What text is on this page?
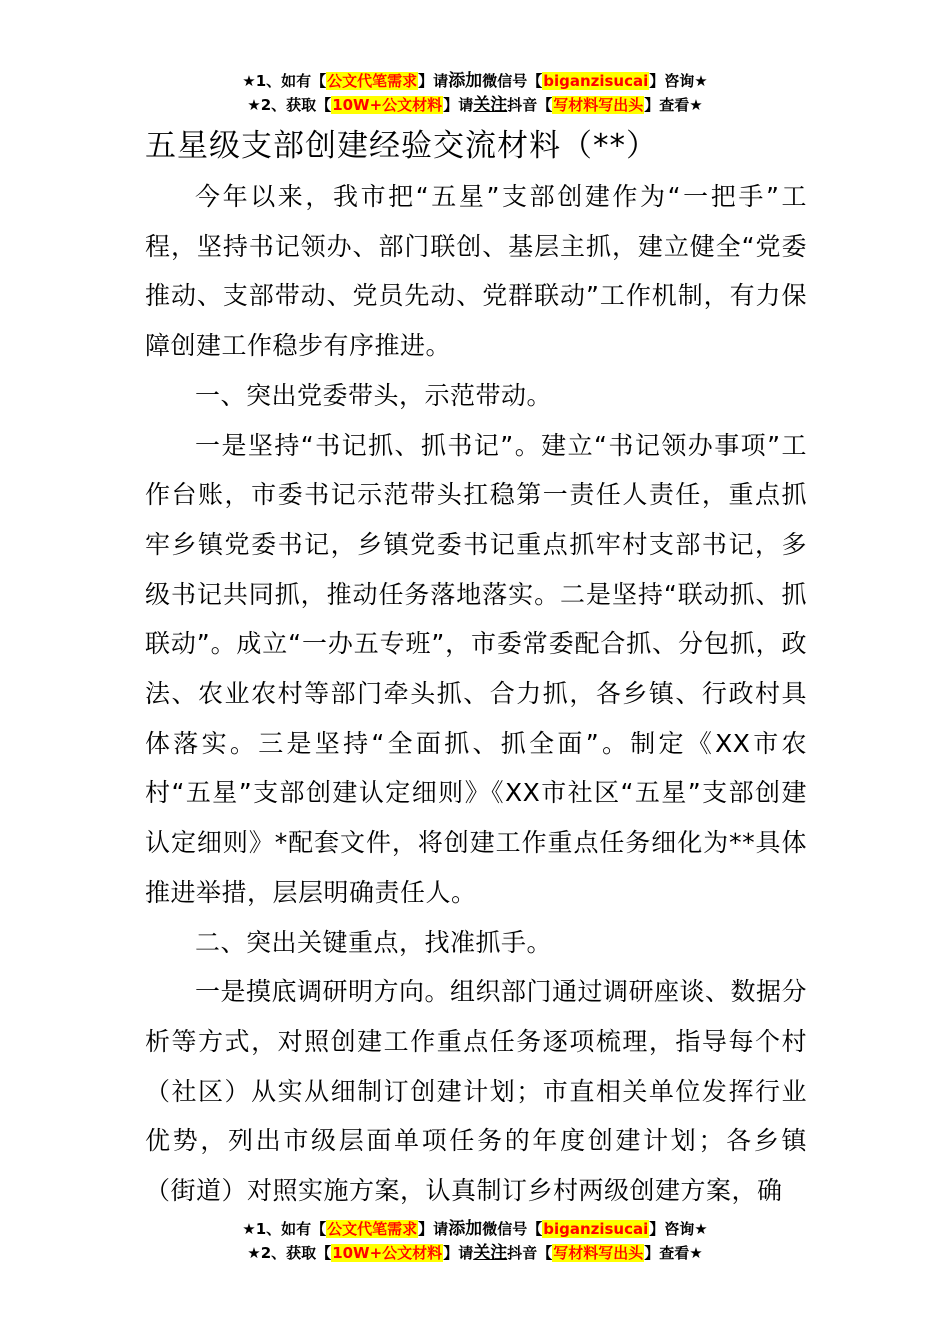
★1、如有【公文代笔需求】请添加微信号【biganzisucai】咨询★
★2、获取【10W+公文材料】请关注抖音【写材料写出头】查看★
五星级支部创建经验交流材料（**）

今年以来，我市把“五星”支部创建作为“一把手”工程，坚持书记领办、部门联创、基层主抓，建立健全“党委推动、支部带动、党员先动、党群联动”工作机制，有力保障创建工作稳步有序推进。

一、突出党委带头，示范带动。

一是坚持“书记抓、抓书记”。建立“书记领办事项”工作台账，市委书记示范带头扛稳第一责任人责任，重点抓牢乡镇党委书记，乡镇党委书记重点抓牢村支部书记，多级书记共同抓，推动任务落地落实。二是坚持“联动抓、抓联动”。成立“一办五专班”，市委常委配合抓、分包抓，政法、农业农村等部门牵头抓、合力抓，各乡镇、行政村具体落实。三是坚持“全面抓、抓全面”。制定《XX市农村“五星”支部创建认定细则》《XX市社区“五星”支部创建认定细则》*配套文件，将创建工作重点任务细化为**具体推进举措，层层明确责任人。

二、突出关键重点，找准抓手。

一是摸底调研明方向。组织部门通过调研座谈、数据分析等方式，对照创建工作重点任务逐项梳理，指导每个村（社区）从实从细制订创建计划；市直相关单位发挥行业优势，列出市级层面单项任务的年度创建计划；各乡镇（街道）对照实施方案，认真制订乡村两级创建方案，确

★1、如有【公文代笔需求】请添加微信号【biganzisucai】咨询★
★2、获取【10W+公文材料】请关注抖音【写材料写出头】查看★
